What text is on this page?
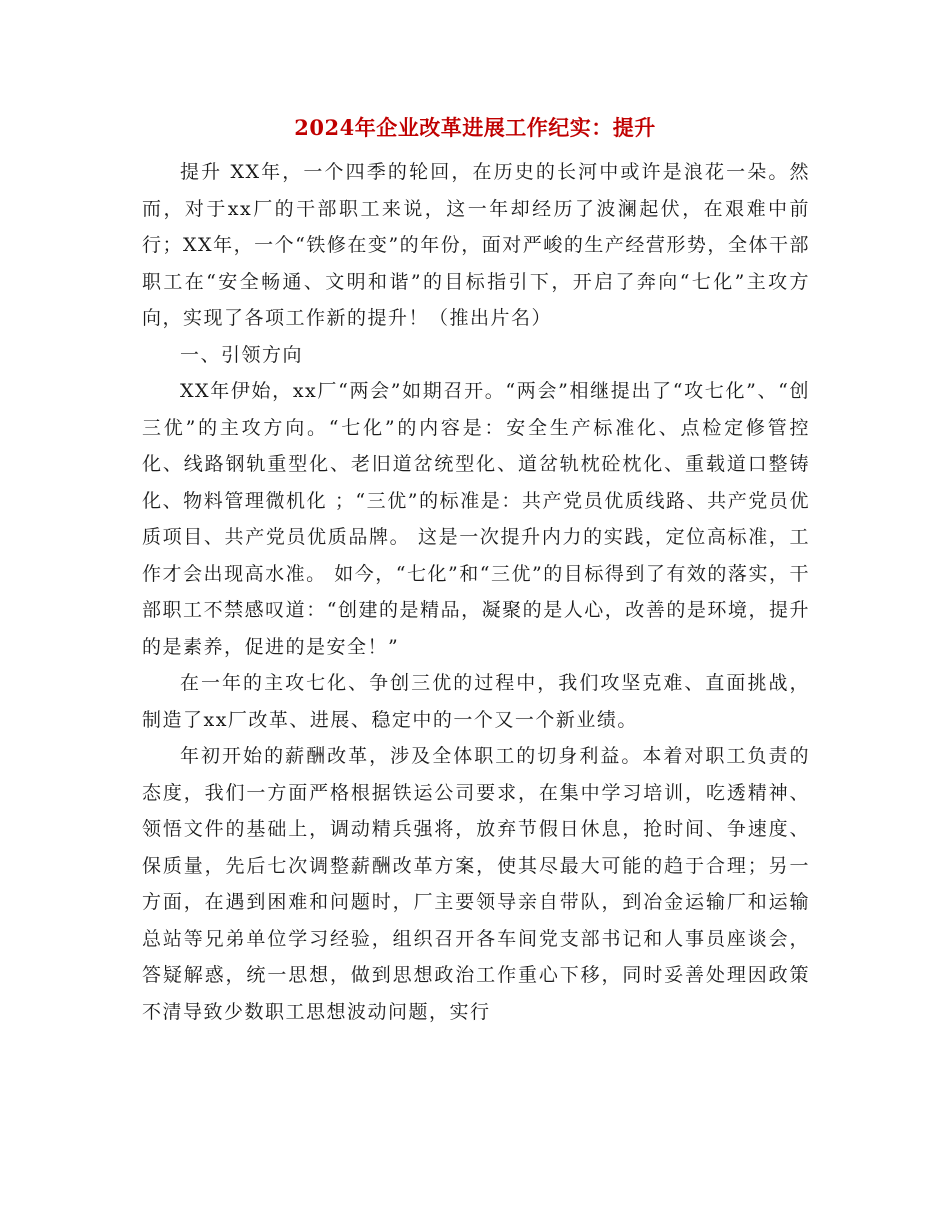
2024年企业改革进展工作纪实：提升

提升 XX年，一个四季的轮回，在历史的长河中或许是浪花一朵。然而，对于xx厂的干部职工来说，这一年却经历了波澜起伏，在艰难中前行；XX年，一个“铁修在变”的年份，面对严峻的生产经营形势，全体干部职工在“安全畅通、文明和谐”的目标指引下，开启了奔向“七化”主攻方向，实现了各项工作新的提升！（推出片名）

一、引领方向

XX年伊始，xx厂“两会”如期召开。“两会”相继提出了“攻七化”、“创三优”的主攻方向。“七化”的内容是：安全生产标准化、点检定修管控化、线路钢轨重型化、老旧道岔统型化、道岔轨枕砼枕化、重载道口整铸化、物料管理微机化 ；“三优”的标准是：共产党员优质线路、共产党员优质项目、共产党员优质品牌。 这是一次提升内力的实践，定位高标准，工作才会出现高水准。 如今，“七化”和“三优”的目标得到了有效的落实，干部职工不禁感叹道：“创建的是精品，凝聚的是人心，改善的是环境，提升的是素养，促进的是安全！”

在一年的主攻七化、争创三优的过程中，我们攻坚克难、直面挑战，制造了xx厂改革、进展、稳定中的一个又一个新业绩。

年初开始的薪酬改革，涉及全体职工的切身利益。本着对职工负责的态度，我们一方面严格根据铁运公司要求，在集中学习培训，吃透精神、领悟文件的基础上，调动精兵强将，放弃节假日休息，抢时间、争速度、保质量，先后七次调整薪酬改革方案，使其尽最大可能的趋于合理；另一方面，在遇到困难和问题时，厂主要领导亲自带队，到冶金运输厂和运输总站等兄弟单位学习经验，组织召开各车间党支部书记和人事员座谈会，答疑解惑，统一思想，做到思想政治工作重心下移，同时妥善处理因政策不清导致少数职工思想波动问题，实行
